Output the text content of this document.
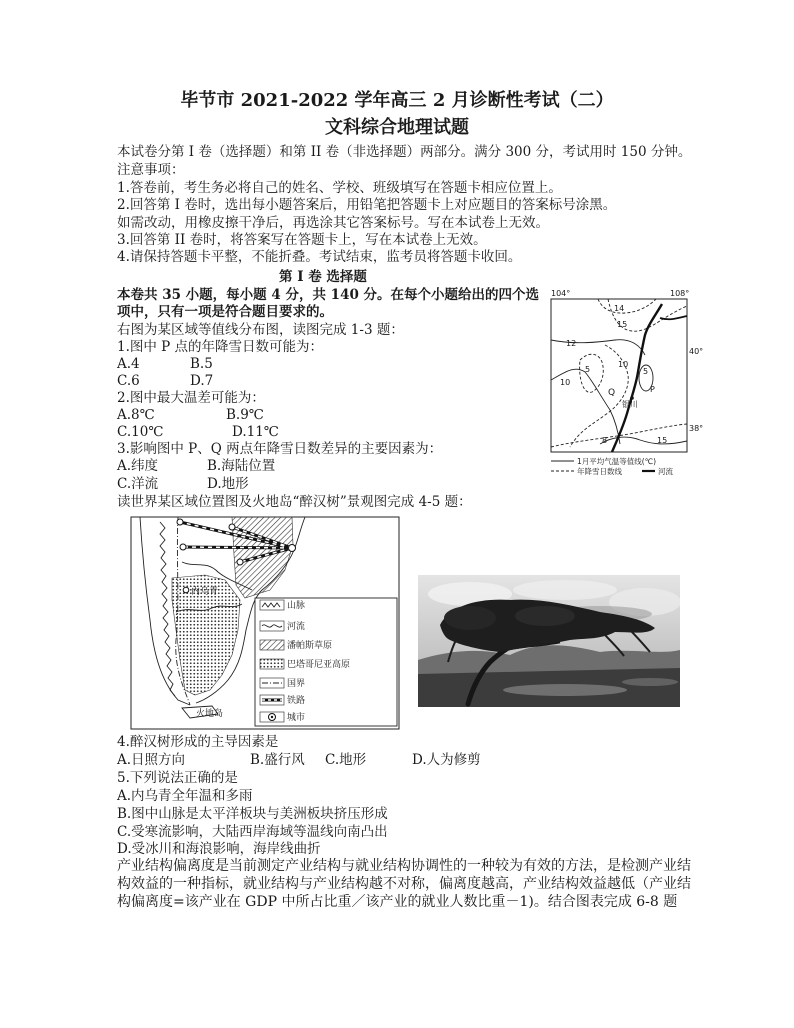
毕节市 2021-2022 学年高三 2 月诊断性考试（二）
文科综合地理试题
本试卷分第 I 卷（选择题）和第 II 卷（非选择题）两部分。满分 300 分，考试用时 150 分钟。
注意事项：
1.答卷前，考生务必将自己的姓名、学校、班级填写在答题卡相应位置上。
2.回答第 I 卷时，选出每小题答案后，用铅笔把答题卡上对应题目的答案标号涂黑。
如需改动，用橡皮擦干净后，再选涂其它答案标号。写在本试卷上无效。
3.回答第 II 卷时，将答案写在答题卡上，写在本试卷上无效。
4.请保持答题卡平整，不能折叠。考试结束，监考员将答题卡收回。
第 I 卷 选择题
本卷共 35 小题，每小题 4 分，共 140 分。在每个小题给出的四个选
项中，只有一项是符合题目要求的。
右图为某区域等值线分布图，读图完成 1-3 题：
1.图中 P 点的年降雪日数可能为：
A.4	B.5
C.6	D.7
2.图中最大温差可能为：
A.8℃	B.9℃
C.10℃	D.11℃
3.影响图中 P、Q 两点年降雪日数差异的主要因素为：
A.纬度	B.海陆位置
C.洋流	D.地形
104°	108°
40°
38°
14
15
12
5
10
10
5
8	15
Q	P
银川
1月平均气温等值线(℃)
年降雪日数线	河流
读世界某区域位置图及火地岛“醉汉树”景观图完成 4-5 题：
内乌青
火地岛
山脉
河流
潘帕斯草原
巴塔哥尼亚高原
国界
铁路
城市
4.醉汉树形成的主导因素是
A.日照方向	B.盛行风 C.地形	D.人为修剪
5.下列说法正确的是
A.内乌青全年温和多雨
B.图中山脉是太平洋板块与美洲板块挤压形成
C.受寒流影响，大陆西岸海域等温线向南凸出
D.受冰川和海浪影响，海岸线曲折
产业结构偏离度是当前测定产业结构与就业结构协调性的一种较为有效的方法，是检测产业结
构效益的一种指标，就业结构与产业结构越不对称，偏离度越高，产业结构效益越低（产业结
构偏离度=该产业在 GDP 中所占比重／该产业的就业人数比重－1)。结合图表完成 6-8 题
